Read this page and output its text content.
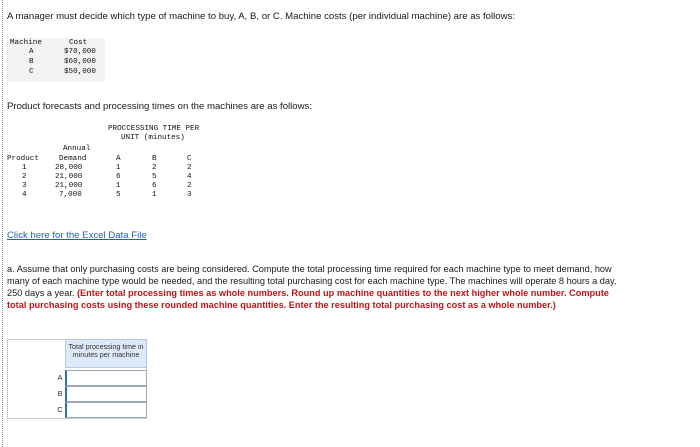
A manager must decide which type of machine to buy, A, B, or C. Machine costs (per individual machine) are as follows:
Machine	Cost
A	$70,000
B	$60,000
C	$50,000
Product forecasts and processing times on the machines are as follows:
PROCCESSING TIME PER
UNIT (minutes)
Annual
Demand
Product	A	B	C
1	28,000	1	2	2
2	21,000	6	5	4
3	21,000	1	6	2
4	7,000	5	1	3
Click here for the Excel Data File
a. Assume that only purchasing costs are being considered. Compute the total processing time required for each machine type to meet demand, how many of each machine type would be needed, and the resulting total purchasing cost for each machine type. The machines will operate 8 hours a day, 250 days a year. (Enter total processing times as whole numbers. Round up machine quantities to the next higher whole number. Compute total purchasing costs using these rounded machine quantities. Enter the resulting total purchasing cost as a whole number.)
Total processing time in minutes per machine
A
B
C
